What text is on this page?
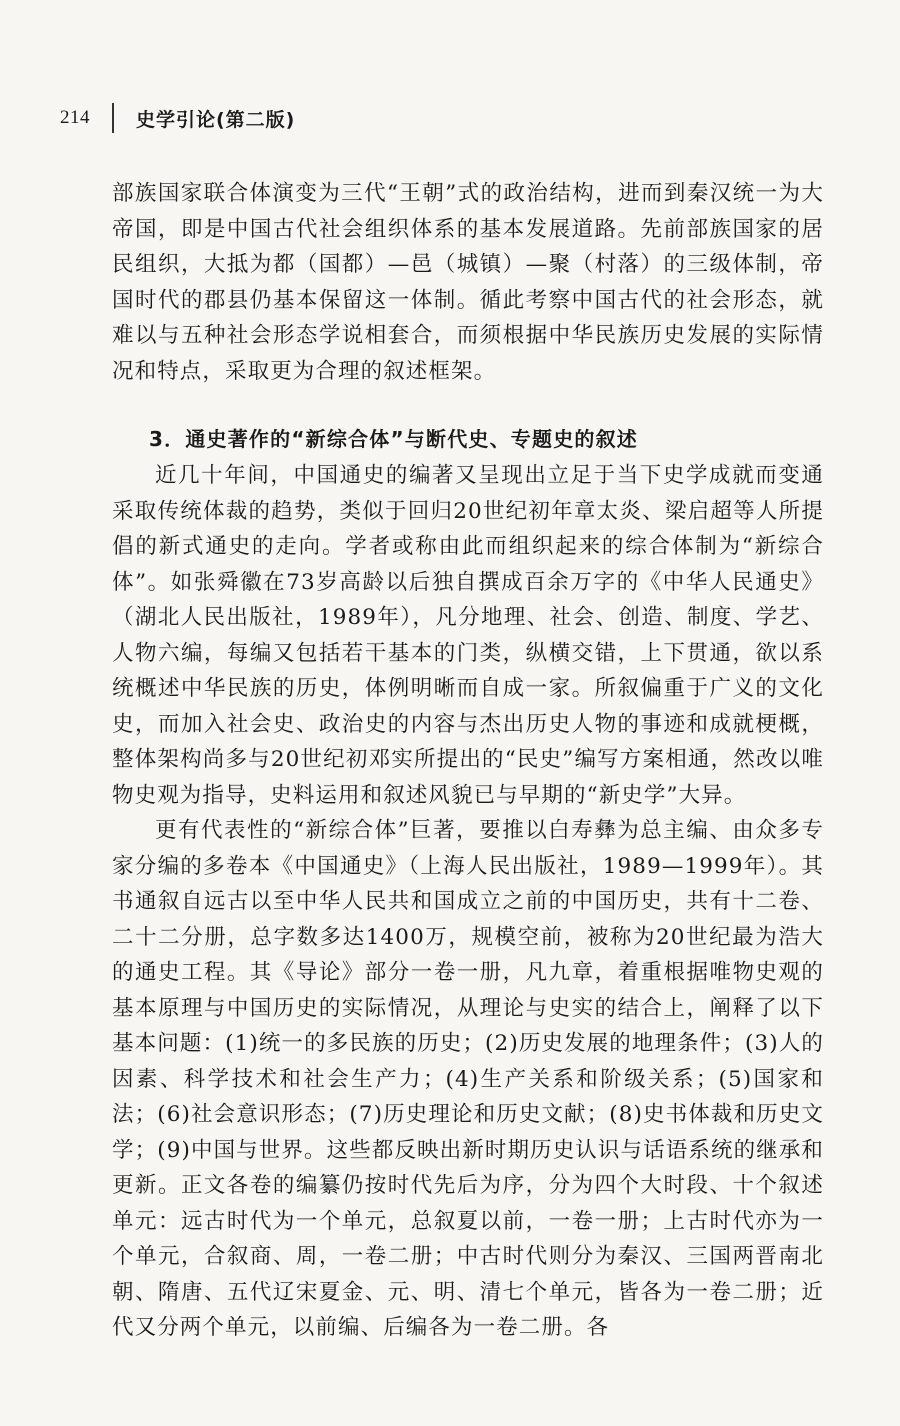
214	史学引论(第二版)

部族国家联合体演变为三代“王朝”式的政治结构，进而到秦汉统一为大帝国，即是中国古代社会组织体系的基本发展道路。先前部族国家的居民组织，大抵为都（国都）—邑（城镇）—聚（村落）的三级体制，帝国时代的郡县仍基本保留这一体制。循此考察中国古代的社会形态，就难以与五种社会形态学说相套合，而须根据中华民族历史发展的实际情况和特点，采取更为合理的叙述框架。

3．通史著作的“新综合体”与断代史、专题史的叙述

近几十年间，中国通史的编著又呈现出立足于当下史学成就而变通采取传统体裁的趋势，类似于回归20世纪初年章太炎、梁启超等人所提倡的新式通史的走向。学者或称由此而组织起来的综合体制为“新综合体”。如张舜徽在73岁高龄以后独自撰成百余万字的《中华人民通史》（湖北人民出版社，1989年），凡分地理、社会、创造、制度、学艺、人物六编，每编又包括若干基本的门类，纵横交错，上下贯通，欲以系统概述中华民族的历史，体例明晰而自成一家。所叙偏重于广义的文化史，而加入社会史、政治史的内容与杰出历史人物的事迹和成就梗概，整体架构尚多与20世纪初邓实所提出的“民史”编写方案相通，然改以唯物史观为指导，史料运用和叙述风貌已与早期的“新史学”大异。

更有代表性的“新综合体”巨著，要推以白寿彝为总主编、由众多专家分编的多卷本《中国通史》（上海人民出版社，1989—1999年）。其书通叙自远古以至中华人民共和国成立之前的中国历史，共有十二卷、二十二分册，总字数多达1400万，规模空前，被称为20世纪最为浩大的通史工程。其《导论》部分一卷一册，凡九章，着重根据唯物史观的基本原理与中国历史的实际情况，从理论与史实的结合上，阐释了以下基本问题：(1)统一的多民族的历史；(2)历史发展的地理条件；(3)人的因素、科学技术和社会生产力；(4)生产关系和阶级关系；(5)国家和法；(6)社会意识形态；(7)历史理论和历史文献；(8)史书体裁和历史文学；(9)中国与世界。这些都反映出新时期历史认识与话语系统的继承和更新。正文各卷的编纂仍按时代先后为序，分为四个大时段、十个叙述单元：远古时代为一个单元，总叙夏以前，一卷一册；上古时代亦为一个单元，合叙商、周，一卷二册；中古时代则分为秦汉、三国两晋南北朝、隋唐、五代辽宋夏金、元、明、清七个单元，皆各为一卷二册；近代又分两个单元，以前编、后编各为一卷二册。各
